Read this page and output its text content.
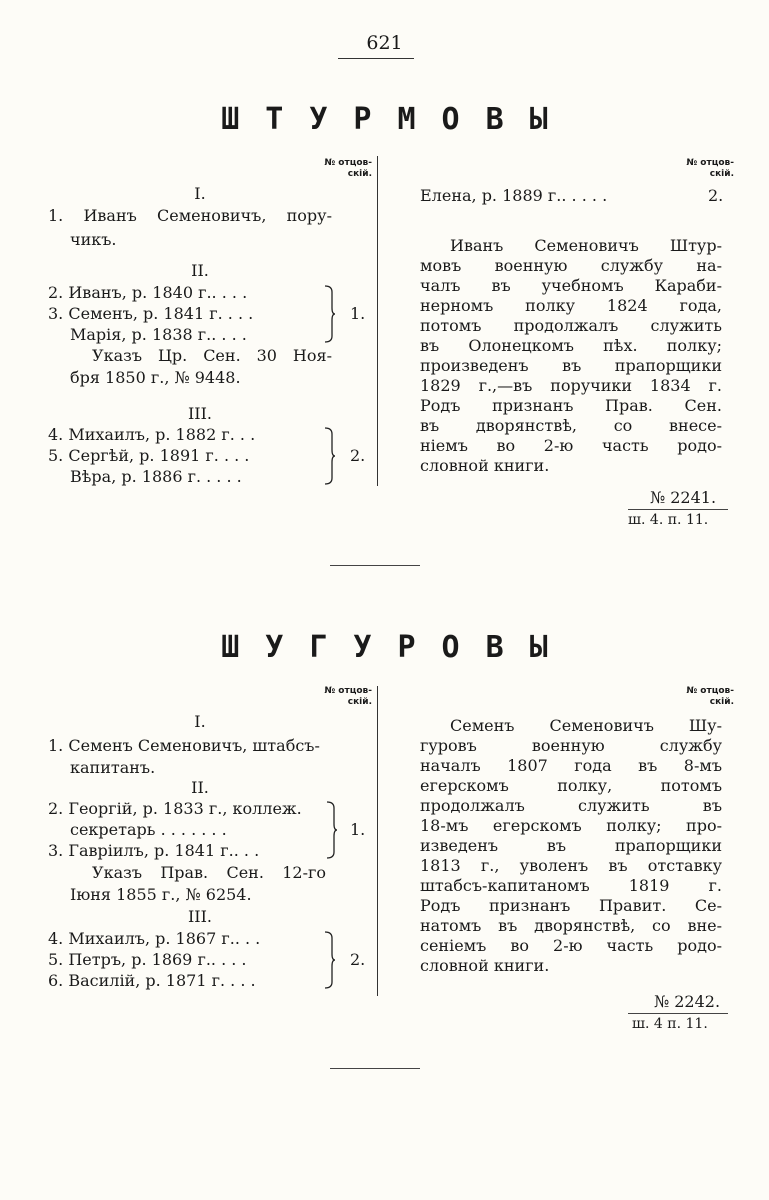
621
ШТУРМОВЫ
№ отцов-
скій.
№ отцов-
скій.
I.
1. Иванъ Семеновичъ, пору-
чикъ.
II.
2. Иванъ, р. 1840 г.. . . .
3. Семенъ, р. 1841 г. . . .
Марія, р. 1838 г.. . . .
1.
Указъ Цр. Сен. 30 Ноя-
бря 1850 г., № 9448.
III.
4. Михаилъ, р. 1882 г. . .
5. Сергѣй, р. 1891 г. . . .
Вѣра, р. 1886 г. . . . .
2.
Елена, р. 1889 г.. . . . .	2.
Иванъ Семеновичъ Штур-
мовъ военную службу на-
чалъ въ учебномъ Караби-
нерномъ полку 1824 года,
потомъ продолжалъ служить
въ Олонецкомъ пѣх. полку;
произведенъ въ прапорщики
1829 г.,—въ поручики 1834 г.
Родъ признанъ Прав. Сен.
въ дворянствѣ, со внесе-
ніемъ во 2-ю часть родо-
словной книги.
№ 2241.
ш. 4. п. 11.
ШУГУРОВЫ
№ отцов-
скій.
№ отцов-
скій.
I.
1. Семенъ Семеновичъ, штабсъ-
капитанъ.
II.
2. Георгій, р. 1833 г., коллеж.
секретарь . . . . . . .
3. Гавріилъ, р. 1841 г.. . .
1.
Указъ Прав. Сен. 12-го
Іюня 1855 г., № 6254.
III.
4. Михаилъ, р. 1867 г.. . .
5. Петръ, р. 1869 г.. . . .
6. Василій, р. 1871 г. . . .
2.
Семенъ Семеновичъ Шу-
гуровъ военную службу
началъ 1807 года въ 8-мъ
егерскомъ полку, потомъ
продолжалъ служить въ
18-мъ егерскомъ полку; про-
изведенъ въ прапорщики
1813 г., уволенъ въ отставку
штабсъ-капитаномъ 1819 г.
Родъ признанъ Правит. Се-
натомъ въ дворянствѣ, со вне-
сеніемъ во 2-ю часть родо-
словной книги.
№ 2242.
ш. 4 п. 11.
